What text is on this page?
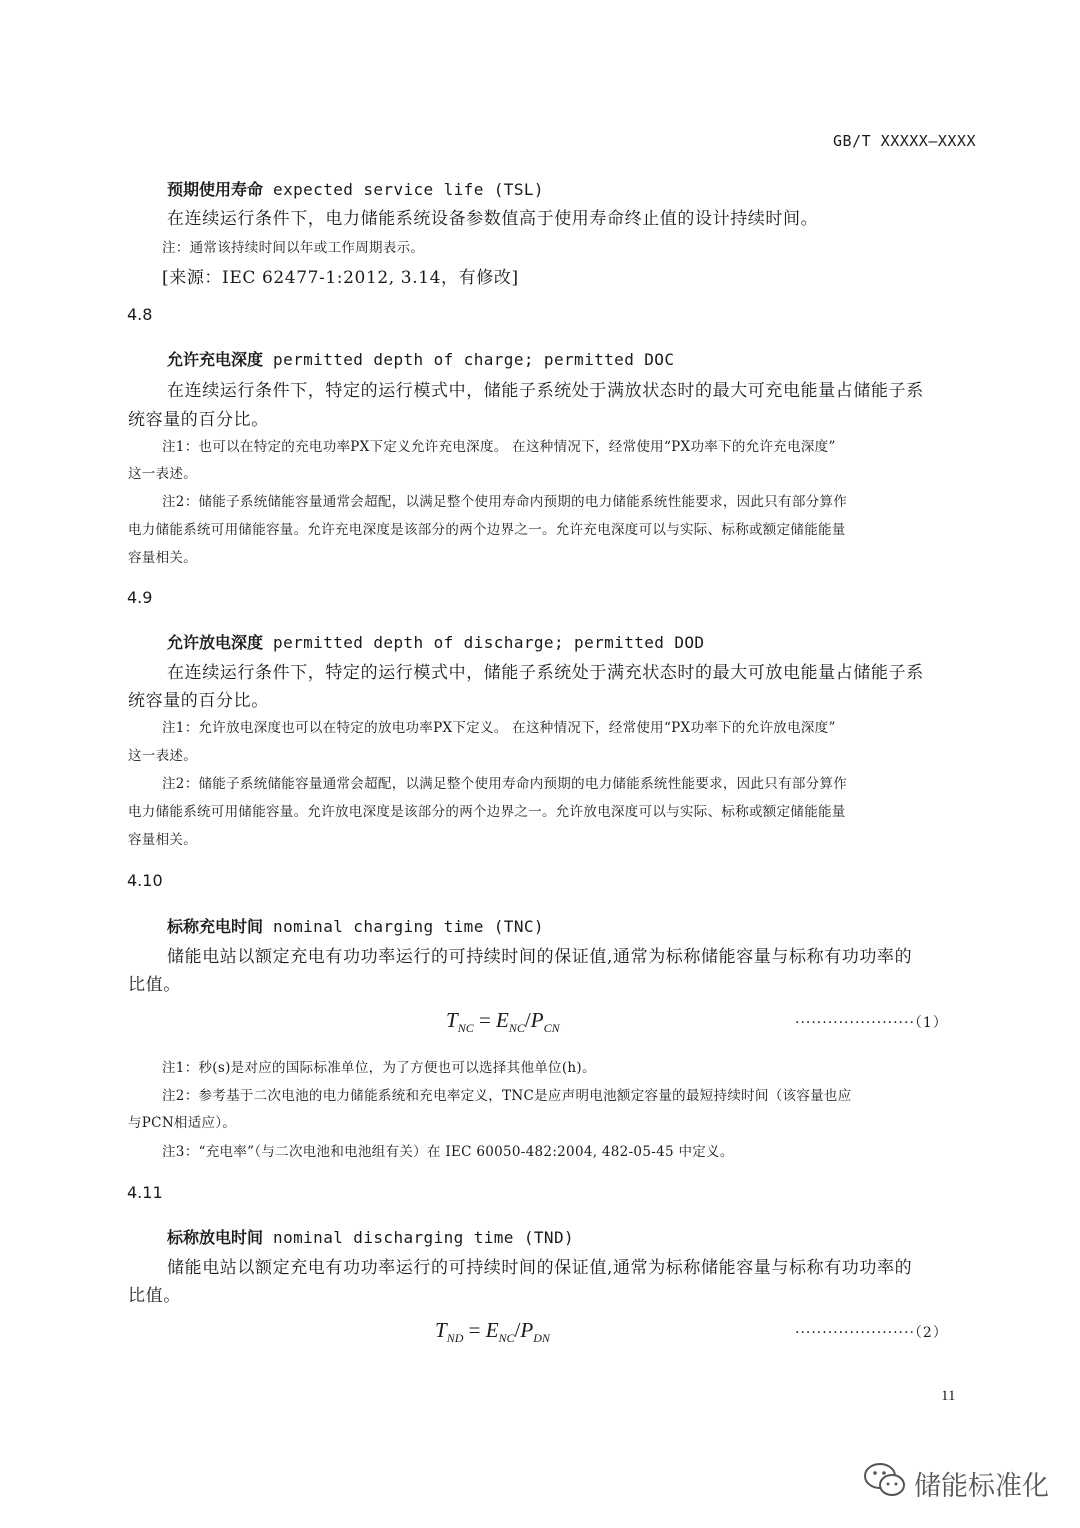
GB/T XXXXX—XXXX
预期使用寿命 expected service life (TSL)
在连续运行条件下，电力储能系统设备参数值高于使用寿命终止值的设计持续时间。
注：通常该持续时间以年或工作周期表示。
[来源：IEC 62477-1:2012, 3.14，有修改]
4.8
允许充电深度 permitted depth of charge; permitted DOC
在连续运行条件下，特定的运行模式中，储能子系统处于满放状态时的最大可充电能量占储能子系
统容量的百分比。
注1：也可以在特定的充电功率PX下定义允许充电深度。 在这种情况下，经常使用“PX功率下的允许充电深度”
这一表述。
注2：储能子系统储能容量通常会超配，以满足整个使用寿命内预期的电力储能系统性能要求，因此只有部分算作
电力储能系统可用储能容量。允许充电深度是该部分的两个边界之一。允许充电深度可以与实际、标称或额定储能能量
容量相关。
4.9
允许放电深度 permitted depth of discharge; permitted DOD
在连续运行条件下，特定的运行模式中，储能子系统处于满充状态时的最大可放电能量占储能子系
统容量的百分比。
注1：允许放电深度也可以在特定的放电功率PX下定义。 在这种情况下，经常使用“PX功率下的允许放电深度”
这一表述。
注2：储能子系统储能容量通常会超配，以满足整个使用寿命内预期的电力储能系统性能要求，因此只有部分算作
电力储能系统可用储能容量。允许放电深度是该部分的两个边界之一。允许放电深度可以与实际、标称或额定储能能量
容量相关。
4.10
标称充电时间 nominal charging time (TNC)
储能电站以额定充电有功功率运行的可持续时间的保证值,通常为标称储能容量与标称有功功率的
比值。
$T_{NC} = E_{NC}/P_{CN}$	······················（1）
注1：秒(s)是对应的国际标准单位，为了方便也可以选择其他单位(h)。
注2：参考基于二次电池的电力储能系统和充电率定义，TNC是应声明电池额定容量的最短持续时间（该容量也应
与PCN相适应）。
注3：“充电率”（与二次电池和电池组有关）在 IEC 60050-482:2004, 482-05-45 中定义。
4.11
标称放电时间 nominal discharging time (TND)
储能电站以额定充电有功功率运行的可持续时间的保证值,通常为标称储能容量与标称有功功率的
比值。
$T_{ND} = E_{NC}/P_{DN}$	······················（2）
11
储能标准化
